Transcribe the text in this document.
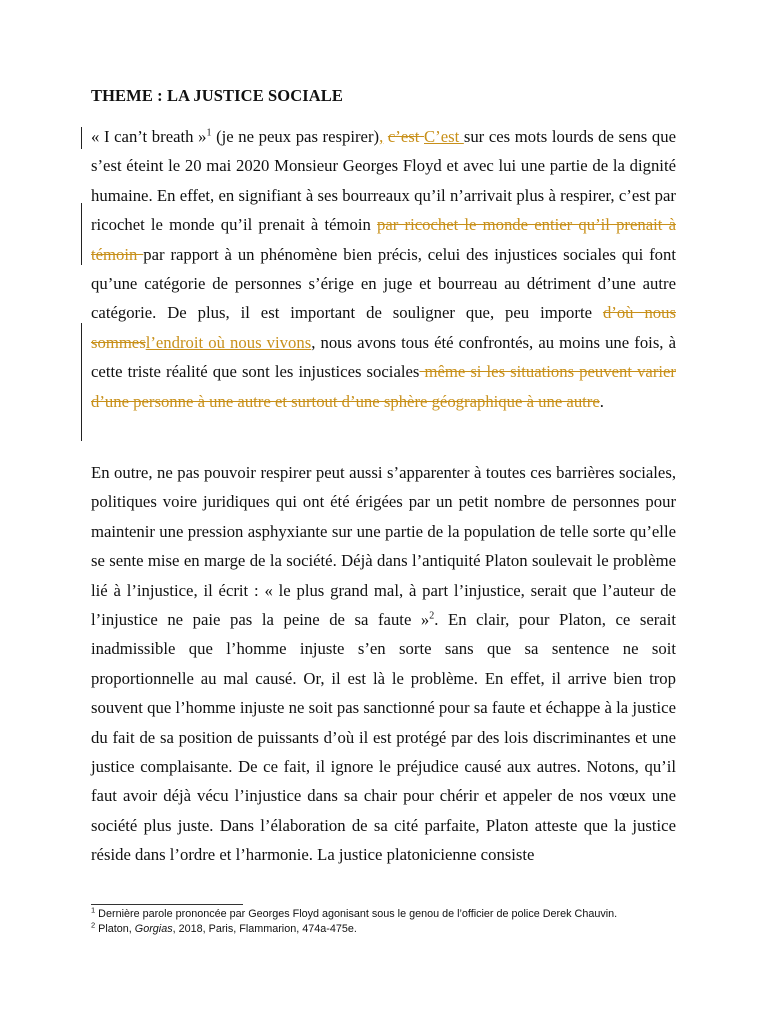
THEME : LA JUSTICE SOCIALE
« I can’t breath »$^1$ (je ne peux pas respirer), c’est C’est sur ces mots lourds de sens que s’est éteint le 20 mai 2020 Monsieur Georges Floyd et avec lui une partie de la dignité humaine. En effet, en signifiant à ses bourreaux qu’il n’arrivait plus à respirer, c’est par ricochet le monde qu’il prenait à témoin par ricochet le monde entier qu’il prenait à témoin par rapport à un phénomène bien précis, celui des injustices sociales qui font qu’une catégorie de personnes s’érige en juge et bourreau au détriment d’une autre catégorie. De plus, il est important de souligner que, peu importe d’où nous sommesl’endroit où nous vivons, nous avons tous été confrontés, au moins une fois, à cette triste réalité que sont les injustices sociales même si les situations peuvent varier d’une personne à une autre et surtout d’une sphère géographique à une autre.
En outre, ne pas pouvoir respirer peut aussi s’apparenter à toutes ces barrières sociales, politiques voire juridiques qui ont été érigées par un petit nombre de personnes pour maintenir une pression asphyxiante sur une partie de la population de telle sorte qu’elle se sente mise en marge de la société. Déjà dans l’antiquité Platon soulevait le problème lié à l’injustice, il écrit : « le plus grand mal, à part l’injustice, serait que l’auteur de l’injustice ne paie pas la peine de sa faute »$^2$. En clair, pour Platon, ce serait inadmissible que l’homme injuste s’en sorte sans que sa sentence ne soit proportionnelle au mal causé. Or, il est là le problème. En effet, il arrive bien trop souvent que l’homme injuste ne soit pas sanctionné pour sa faute et échappe à la justice du fait de sa position de puissants d’où il est protégé par des lois discriminantes et une justice complaisante. De ce fait, il ignore le préjudice causé aux autres. Notons, qu’il faut avoir déjà vécu l’injustice dans sa chair pour chérir et appeler de nos vœux une société plus juste. Dans l’élaboration de sa cité parfaite, Platon atteste que la justice réside dans l’ordre et l’harmonie. La justice platonicienne consiste
$^1$ Dernière parole prononcée par Georges Floyd agonisant sous le genou de l’officier de police Derek Chauvin.
$^2$ Platon, Gorgias, 2018, Paris, Flammarion, 474a-475e.
